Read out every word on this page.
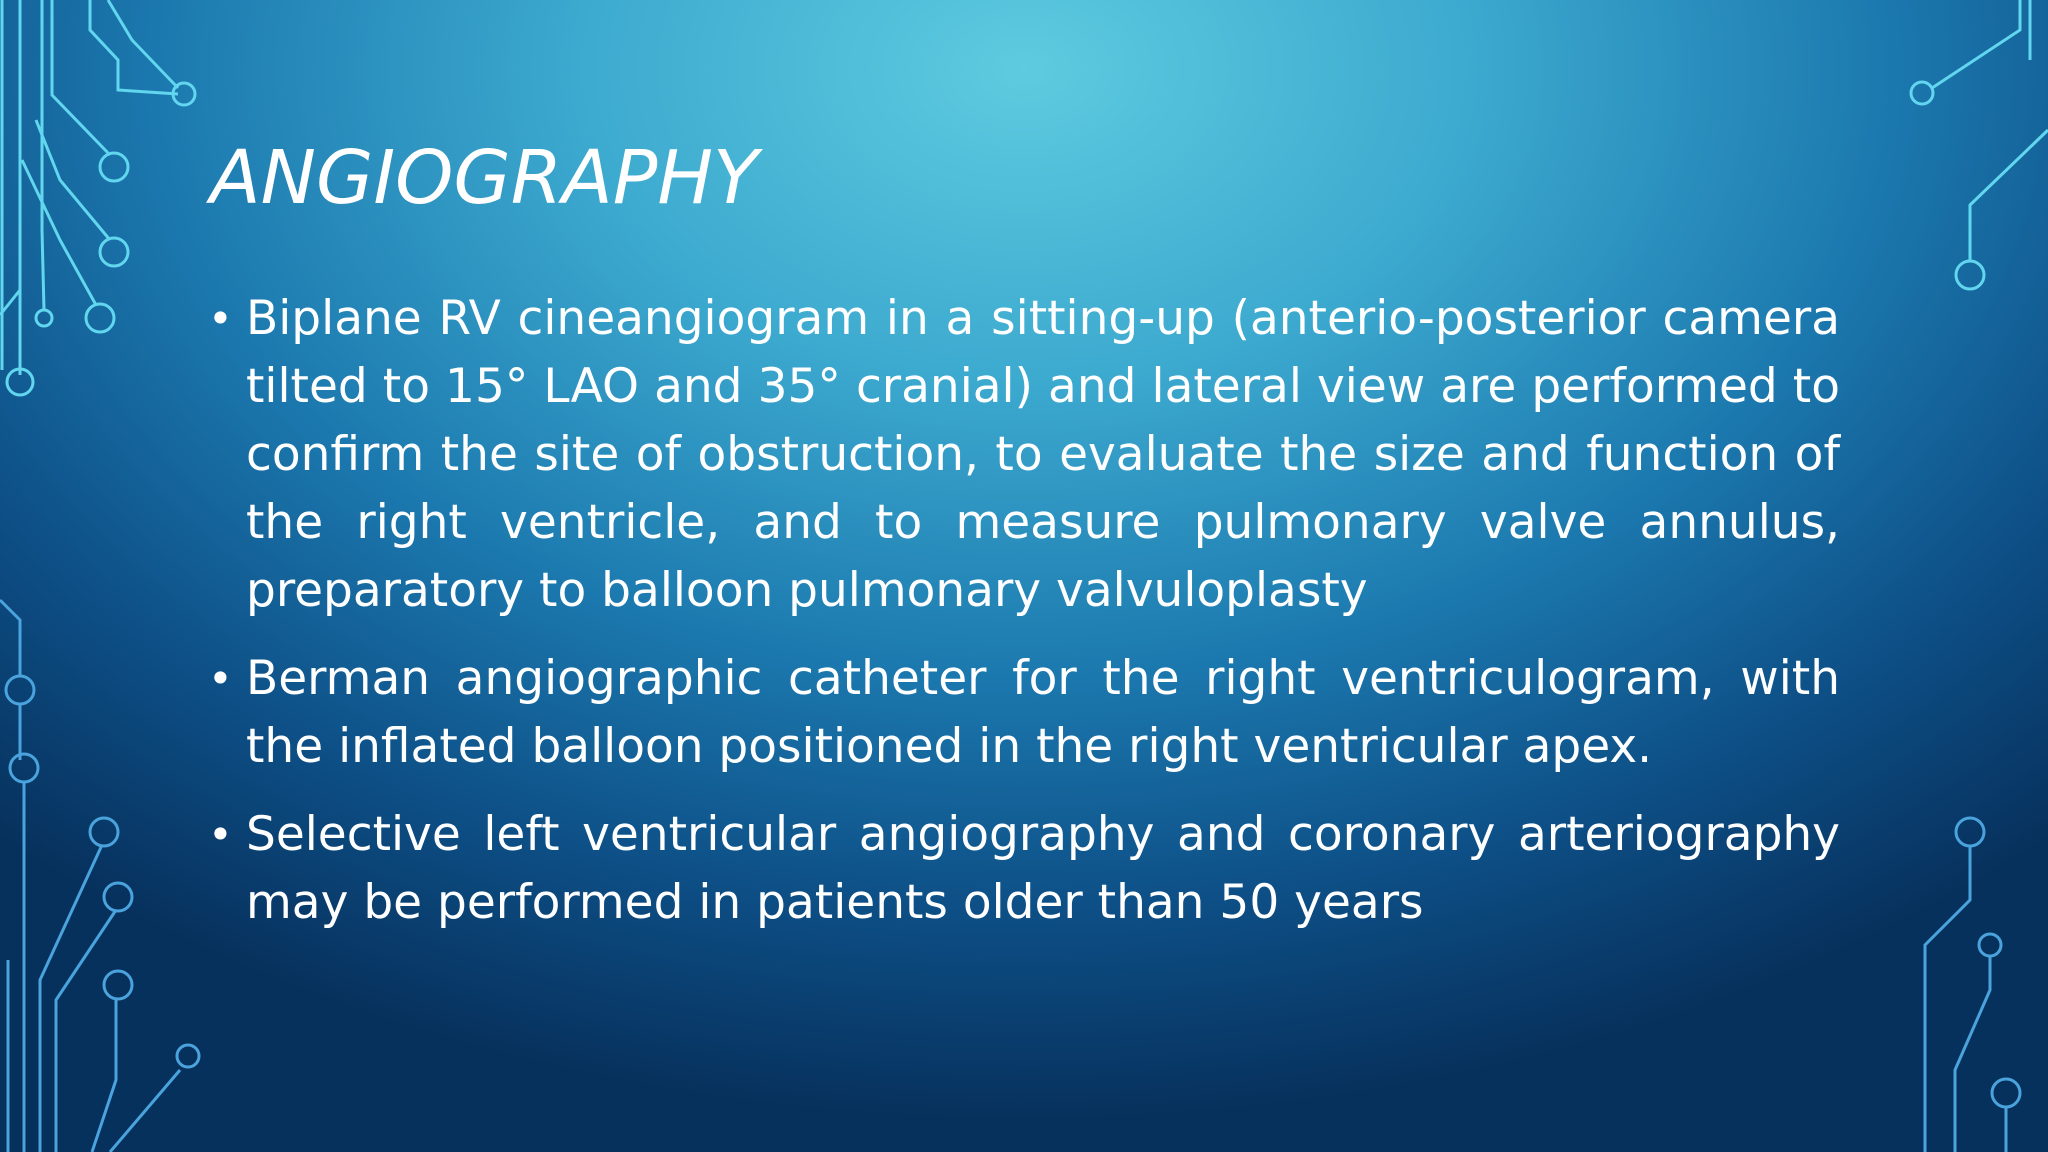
ANGIOGRAPHY
• Biplane RV cineangiogram in a sitting-up (anterio-posterior camera tilted to 15° LAO and 35° cranial) and lateral view are performed to confirm the site of obstruction, to evaluate the size and function of the right ventricle, and to measure pulmonary valve annulus, preparatory to balloon pulmonary valvuloplasty
• Berman angiographic catheter for the right ventriculogram, with the inflated balloon positioned in the right ventricular apex.
• Selective left ventricular angiography and coronary arteriography may be performed in patients older than 50 years
